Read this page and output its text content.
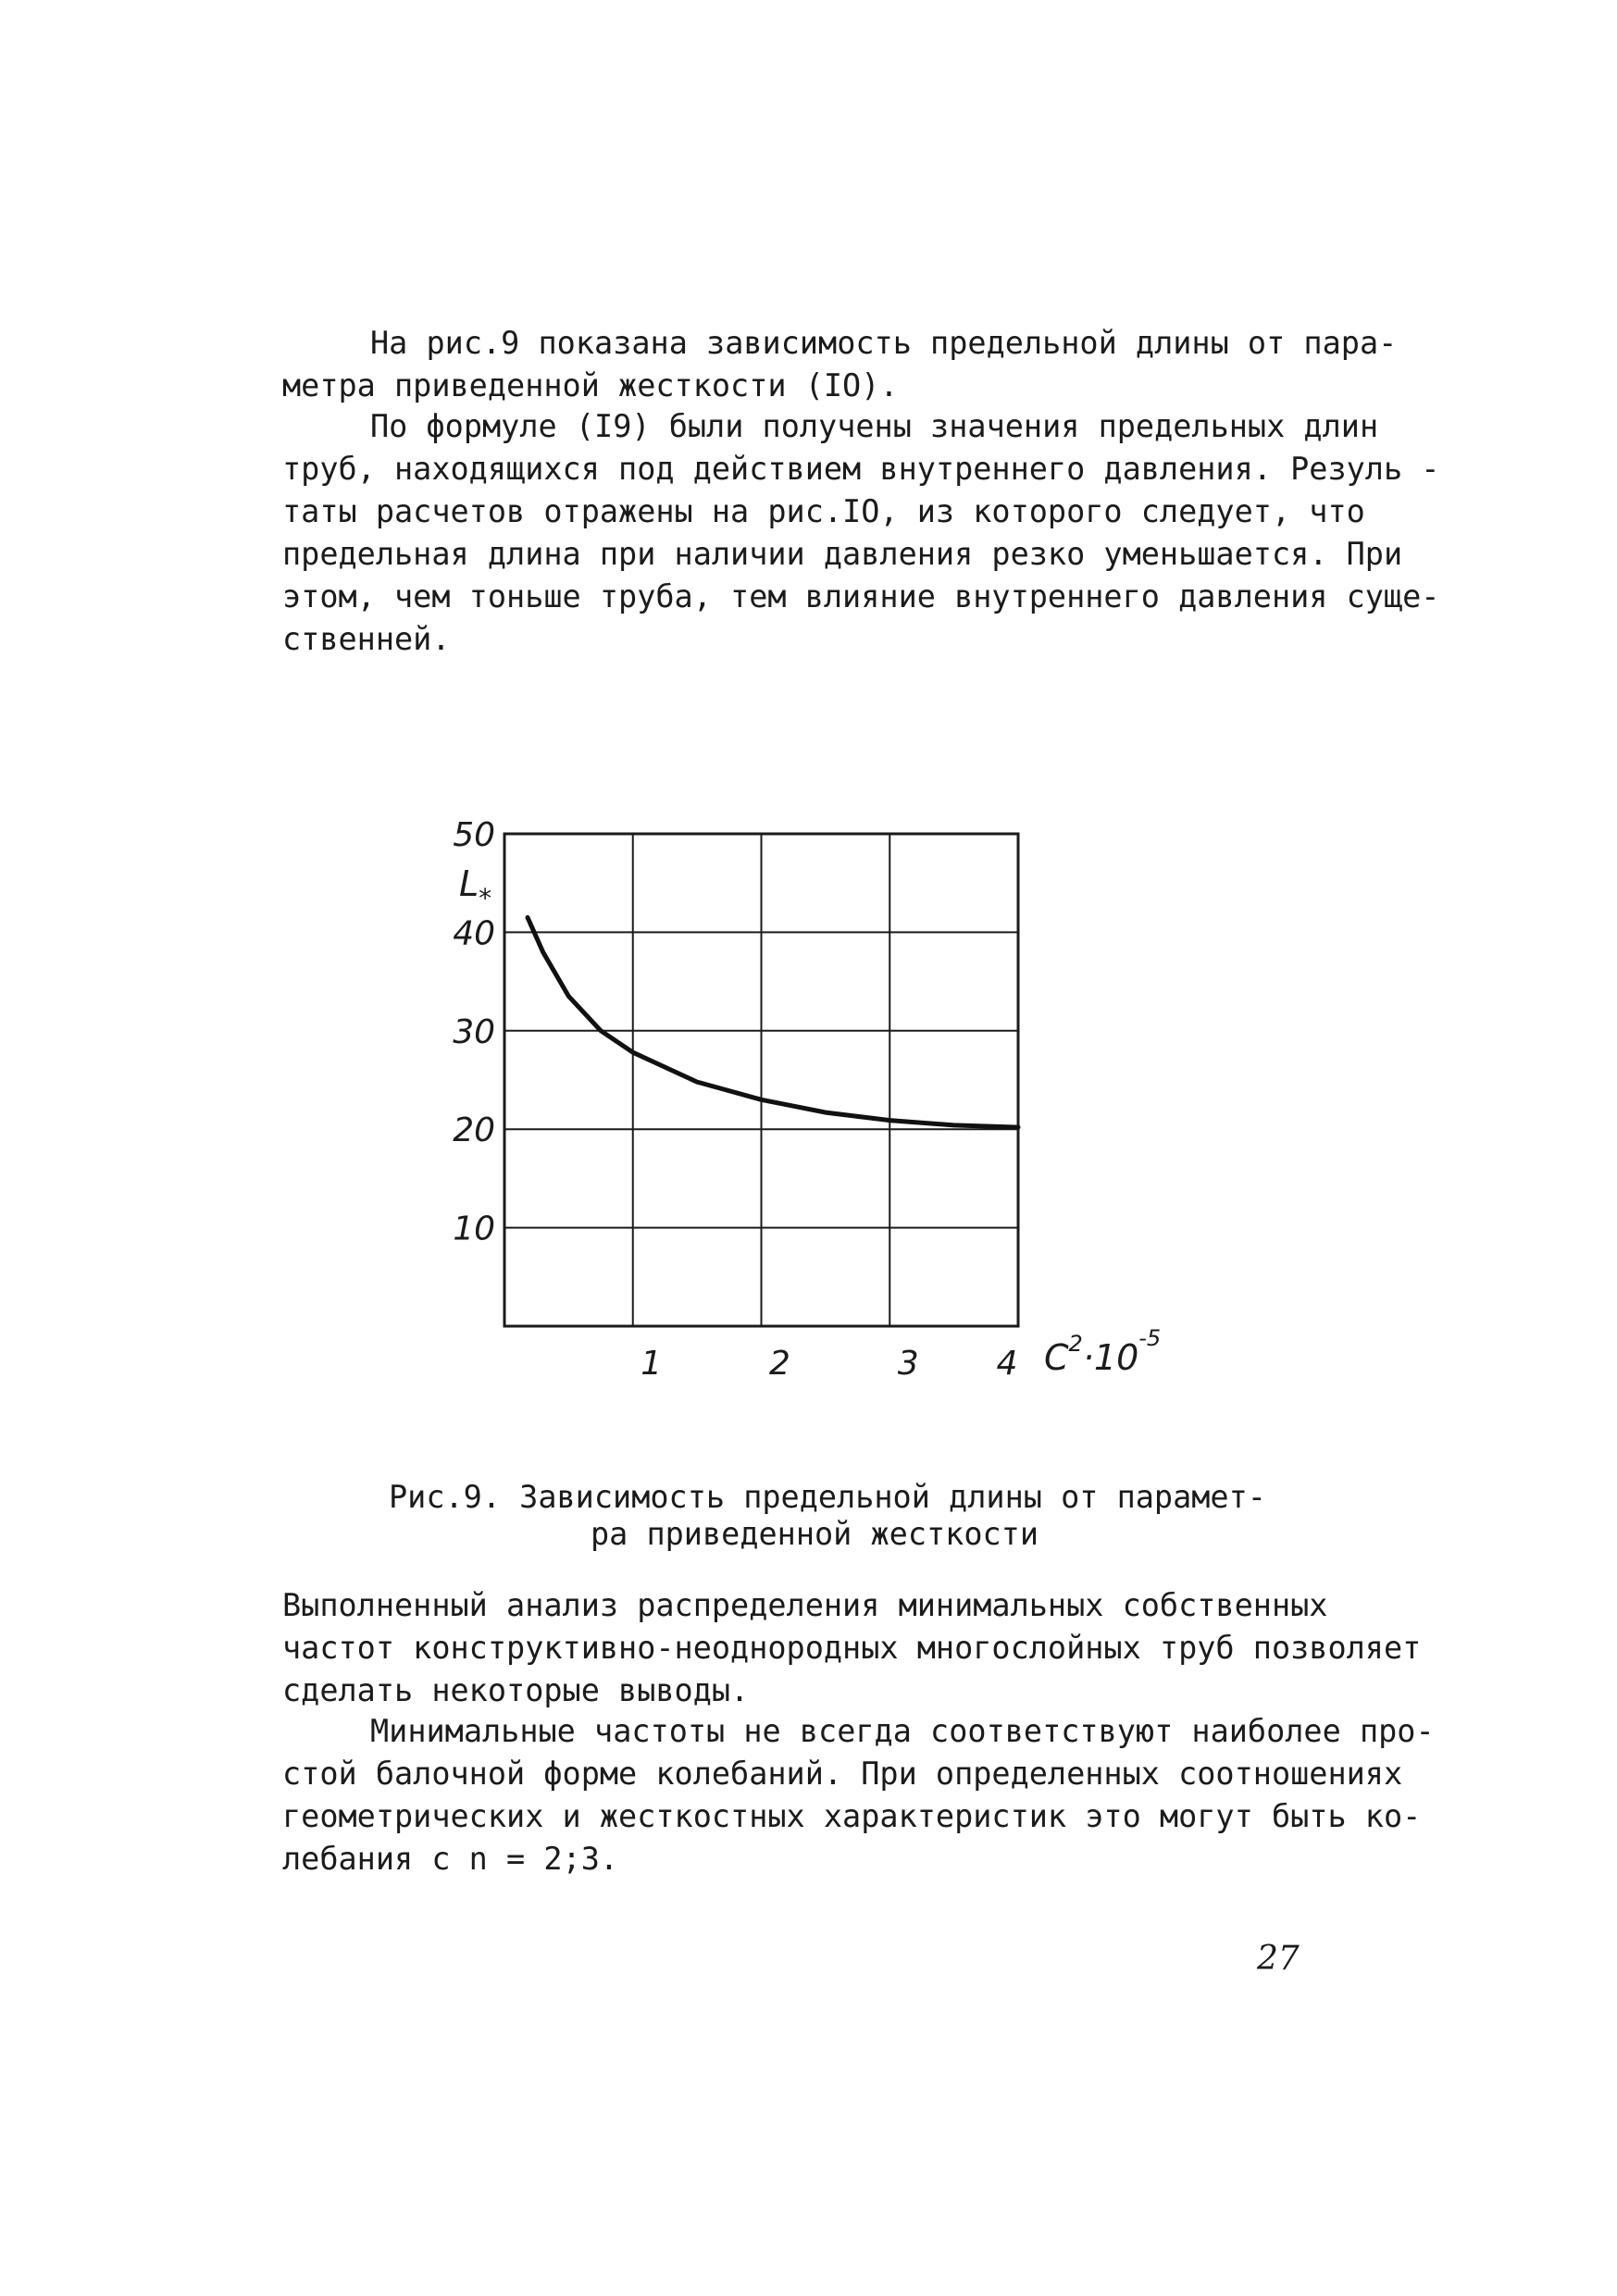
На рис.9 показана зависимость предельной длины от пара-
метра приведенной жесткости (IО).
По формуле (I9) были получены значения предельных длин
труб, находящихся под действием внутреннего давления. Резуль -
таты расчетов отражены на рис.IО, из которого следует, что
предельная длина при наличии давления резко уменьшается. При
этом, чем тоньше труба, тем влияние внутреннего давления суще-
ственней.
1	2	3 4
10
20
30
40
50
$L_*$
$C^2\cdot 10^{-5}$
Рис.9. Зависимость предельной длины от парамет-
ра приведенной жесткости
Выполненный анализ распределения минимальных собственных
частот конструктивно-неоднородных многослойных труб позволяет
сделать некоторые выводы.
Минимальные частоты не всегда соответствуют наиболее про-
стой балочной форме колебаний. При определенных соотношениях
геометрических и жесткостных характеристик это могут быть ко-
лебания с n = 2;3.
27
